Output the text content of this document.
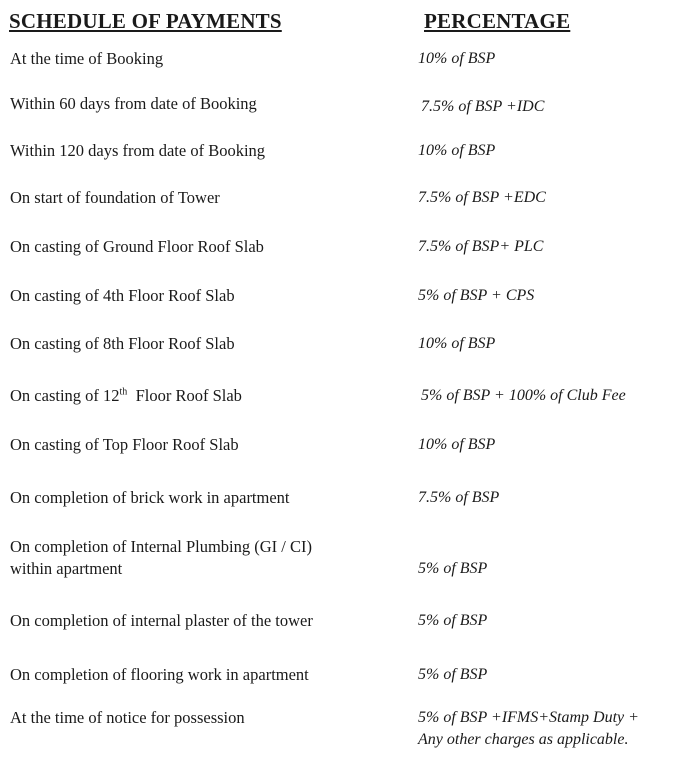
SCHEDULE OF PAYMENTS	PERCENTAGE
At the time of Booking	10% of BSP
Within 60 days from date of Booking	7.5% of BSP +IDC
Within 120 days from date of Booking	10% of BSP
On start of foundation of Tower	7.5% of BSP +EDC
On casting of Ground Floor Roof Slab	7.5% of BSP+ PLC
On casting of 4th Floor Roof Slab	5% of BSP + CPS
On casting of 8th Floor Roof Slab	10% of BSP
On casting of 12th  Floor Roof Slab	5% of BSP + 100% of Club Fee
On casting of Top Floor Roof Slab	10% of BSP
On completion of brick work in apartment	7.5% of BSP
On completion of Internal Plumbing (GI / CI)
within apartment	5% of BSP
On completion of internal plaster of the tower	5% of BSP
On completion of flooring work in apartment	5% of BSP
At the time of notice for possession	5% of BSP +IFMS+Stamp Duty +
Any other charges as applicable.
